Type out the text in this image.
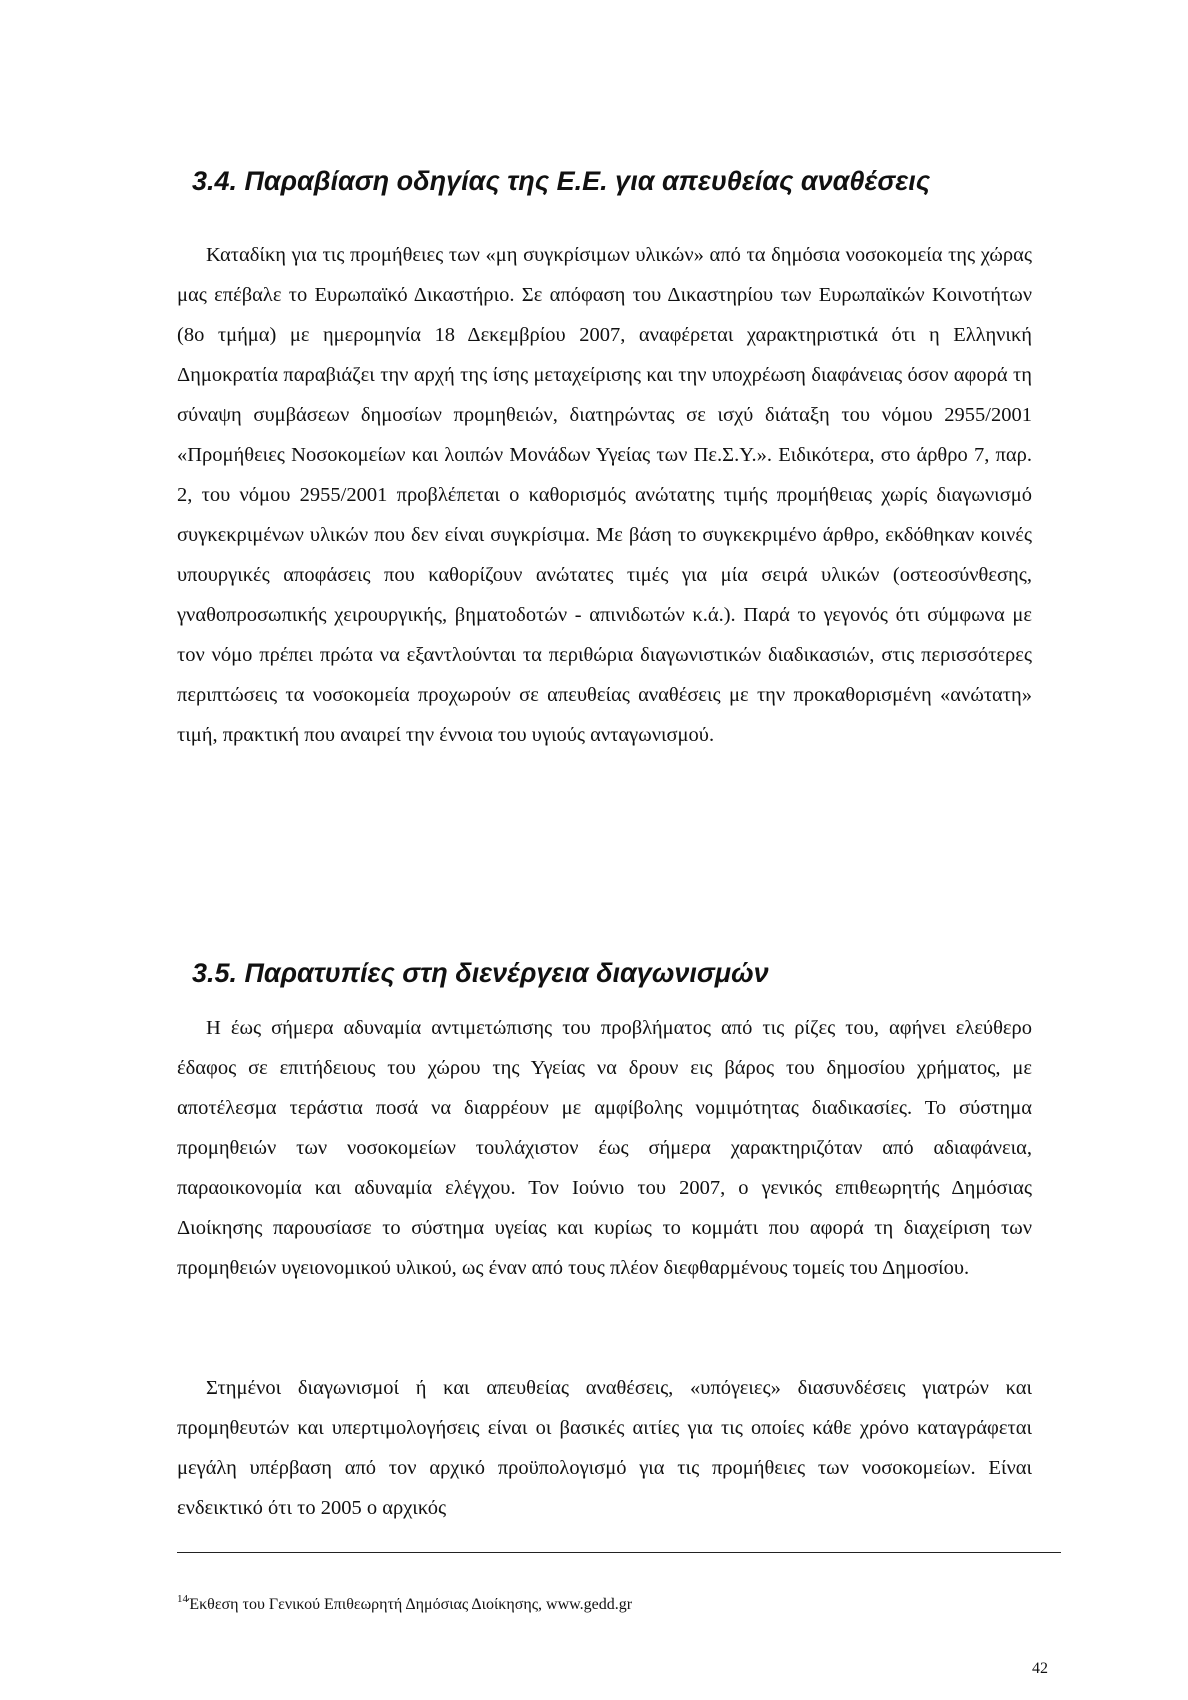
3.4. Παραβίαση οδηγίας της Ε.Ε. για απευθείας αναθέσεις

Καταδίκη για τις προμήθειες των «μη συγκρίσιμων υλικών» από τα δημόσια νοσοκομεία της χώρας μας επέβαλε το Ευρωπαϊκό Δικαστήριο. Σε απόφαση του Δικαστηρίου των Ευρωπαϊκών Κοινοτήτων (8ο τμήμα) με ημερομηνία 18 Δεκεμβρίου 2007, αναφέρεται χαρακτηριστικά ότι η Ελληνική Δημοκρατία παραβιάζει την αρχή της ίσης μεταχείρισης και την υποχρέωση διαφάνειας όσον αφορά τη σύναψη συμβάσεων δημοσίων προμηθειών, διατηρώντας σε ισχύ διάταξη του νόμου 2955/2001 «Προμήθειες Νοσοκομείων και λοιπών Μονάδων Υγείας των Πε.Σ.Υ.». Ειδικότερα, στο άρθρο 7, παρ. 2, του νόμου 2955/2001 προβλέπεται ο καθορισμός ανώτατης τιμής προμήθειας χωρίς διαγωνισμό συγκεκριμένων υλικών που δεν είναι συγκρίσιμα. Με βάση το συγκεκριμένο άρθρο, εκδόθηκαν κοινές υπουργικές αποφάσεις που καθορίζουν ανώτατες τιμές για μία σειρά υλικών (οστεοσύνθεσης, γναθοπροσωπικής χειρουργικής, βηματοδοτών - απινιδωτών κ.ά.). Παρά το γεγονός ότι σύμφωνα με τον νόμο πρέπει πρώτα να εξαντλούνται τα περιθώρια διαγωνιστικών διαδικασιών, στις περισσότερες περιπτώσεις τα νοσοκομεία προχωρούν σε απευθείας αναθέσεις με την προκαθορισμένη «ανώτατη» τιμή, πρακτική που αναιρεί την έννοια του υγιούς ανταγωνισμού.

3.5. Παρατυπίες στη διενέργεια διαγωνισμών

Η έως σήμερα αδυναμία αντιμετώπισης του προβλήματος από τις ρίζες του, αφήνει ελεύθερο έδαφος σε επιτήδειους του χώρου της Υγείας να δρουν εις βάρος του δημοσίου χρήματος, με αποτέλεσμα τεράστια ποσά να διαρρέουν με αμφίβολης νομιμότητας διαδικασίες. Το σύστημα προμηθειών των νοσοκομείων τουλάχιστον έως σήμερα χαρακτηριζόταν από αδιαφάνεια, παραοικονομία και αδυναμία ελέγχου. Τον Ιούνιο του 2007, ο γενικός επιθεωρητής Δημόσιας Διοίκησης παρουσίασε το σύστημα υγείας και κυρίως το κομμάτι που αφορά τη διαχείριση των προμηθειών υγειονομικού υλικού, ως έναν από τους πλέον διεφθαρμένους τομείς του Δημοσίου.

Στημένοι διαγωνισμοί ή και απευθείας αναθέσεις, «υπόγειες» διασυνδέσεις γιατρών και προμηθευτών και υπερτιμολογήσεις είναι οι βασικές αιτίες για τις οποίες κάθε χρόνο καταγράφεται μεγάλη υπέρβαση από τον αρχικό προϋπολογισμό για τις προμήθειες των νοσοκομείων. Είναι ενδεικτικό ότι το 2005 ο αρχικός

$^{14}$Έκθεση του Γενικού Επιθεωρητή Δημόσιας Διοίκησης, www.gedd.gr

42
